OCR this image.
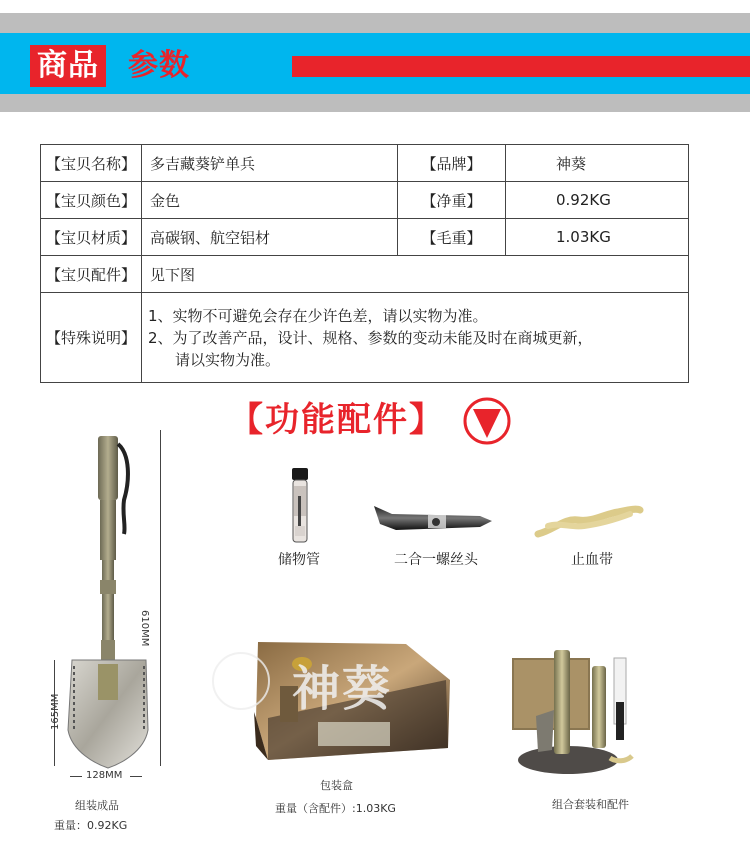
商品 参数
【宝贝名称】	多吉藏葵铲单兵	【品牌】	神葵
【宝贝颜色】	金色	【净重】	0.92KG
【宝贝材质】	高碳钢、航空铝材	【毛重】	1.03KG
【宝贝配件】	见下图		
【特殊说明】	1、实物不可避免会存在少许色差，请以实物为准。
2、为了改善产品，设计、规格、参数的变动未能及时在商城更新，
请以实物为准。		
【功能配件】
储物管	二合一螺丝头	止血带
610MM
165MM
128MM
组装成品
重量：0.92KG
神葵
包装盒
重量（含配件）:1.03KG	组合套装和配件
